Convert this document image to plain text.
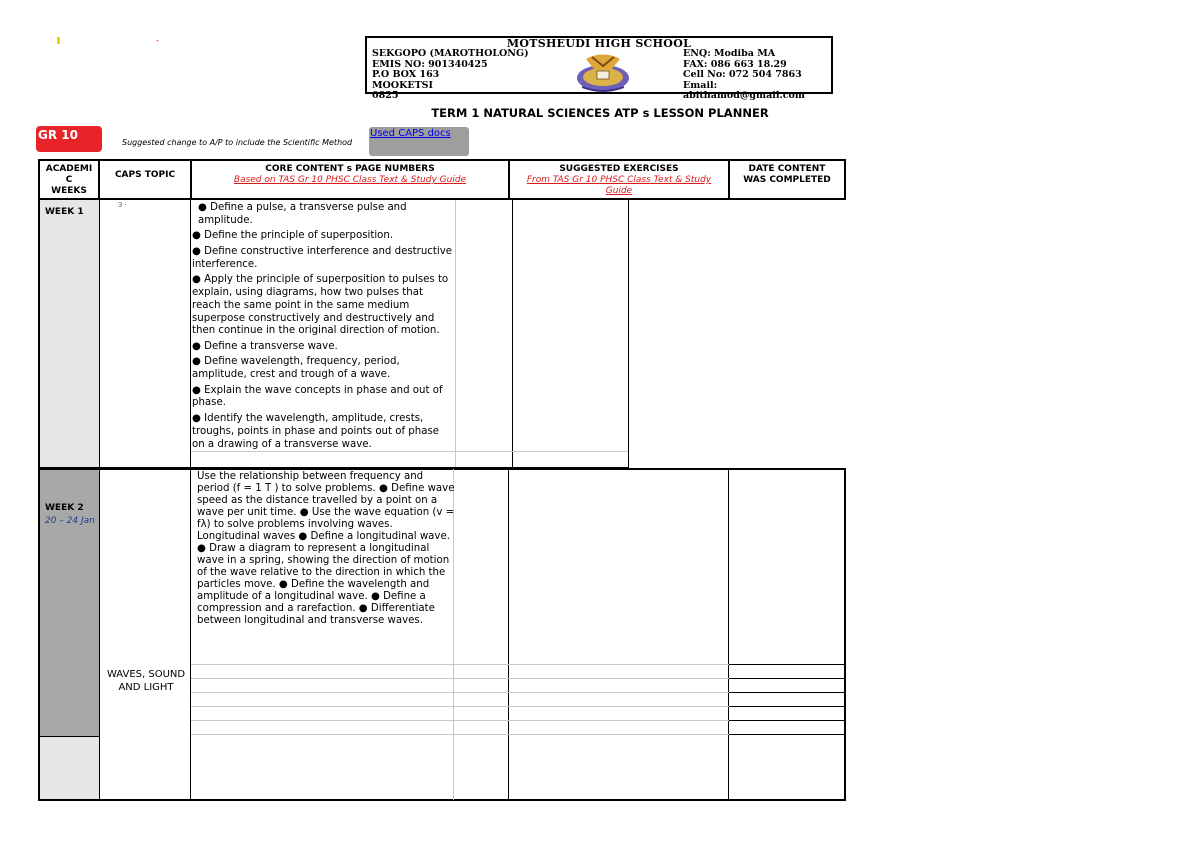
-	MOTSHEUDI HIGH SCHOOL
SEKGOPO (MAROTHOLONG)
EMIS NO: 901340425
P.O BOX 163
MOOKETSI
0825
ENQ: Modiba MA
FAX: 086 663 18.29
Cell No: 072 504 7863
Email: abithamod@gmail.com
TERM 1 NATURAL SCIENCES ATP s LESSON PLANNER
GR 10
Suggested change to A/P to include the Scientific Method
Used CAPS docs
ACADEMI
C
WEEKS
CAPS TOPIC
CORE CONTENT s PAGE NUMBERS
Based on TAS Gr 10 PHSC Class Text & Study Guide
SUGGESTED EXERCISES
From TAS Gr 10 PHSC Class Text & Study Guide
DATE CONTENT WAS COMPLETED
WEEK 1
3 ·	● Define a pulse, a transverse pulse and amplitude.

● Define the principle of superposition.

● Define constructive interference and destructive interference.

● Apply the principle of superposition to pulses to explain, using diagrams, how two pulses that reach the same point in the same medium superpose constructively and destructively and then continue in the original direction of motion.

● Define a transverse wave.

● Define wavelength, frequency, period, amplitude, crest and trough of a wave.

● Explain the wave concepts in phase and out of phase.

● Identify the wavelength, amplitude, crests, troughs, points in phase and points out of phase on a drawing of a transverse wave.

WEEK 2
20 – 24 Jan
Use the relationship between frequency and period (f = 1 T ) to solve problems. ● Define wave speed as the distance travelled by a point on a wave per unit time. ● Use the wave equation (v = fλ) to solve problems involving waves. Longitudinal waves ● Define a longitudinal wave. ● Draw a diagram to represent a longitudinal wave in a spring, showing the direction of motion of the wave relative to the direction in which the particles move. ● Define the wavelength and amplitude of a longitudinal wave. ● Define a compression and a rarefaction. ● Differentiate between longitudinal and transverse waves.
WAVES, SOUND AND LIGHT
